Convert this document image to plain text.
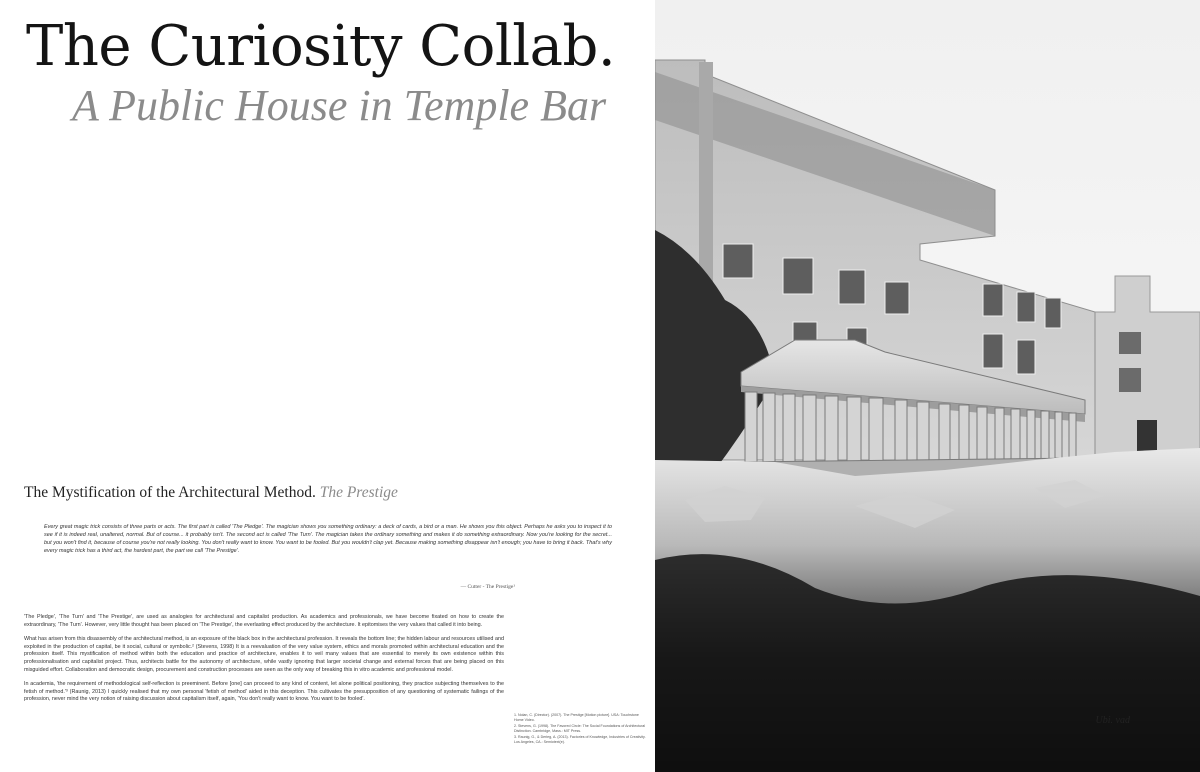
The Curiosity Collab.
A Public House in Temple Bar
The Mystification of the Architectural Method. The Prestige

Every great magic trick consists of three parts or acts. The first part is called 'The Pledge'. The magician shows you something ordinary: a deck of cards, a bird or a man. He shows you this object. Perhaps he asks you to inspect it to see if it is indeed real, unaltered, normal. But of course... it probably isn't. The second act is called 'The Turn'. The magician takes the ordinary something and makes it do something extraordinary. Now you're looking for the secret... but you won't find it, because of course you're not really looking. You don't really want to know. You want to be fooled. But you wouldn't clap yet. Because making something disappear isn't enough; you have to bring it back. That's why every magic trick has a third act, the hardest part, the part we call 'The Prestige'.

— Cutter - The Prestige¹

'The Pledge', 'The Turn' and 'The Prestige', are used as analogies for architectural and capitalist production. As academics and professionals, we have become fixated on how to create the extraordinary, 'The Turn'. However, very little thought has been placed on 'The Prestige', the everlasting effect produced by the architecture. It epitomises the very values that called it into being.

What has arisen from this disassembly of the architectural method, is an exposure of the black box in the architectural profession. It reveals the bottom line; the hidden labour and resources utilised and exploited in the production of capital, be it social, cultural or symbolic.² (Stevens, 1998) It is a reevaluation of the very value system, ethics and morals promoted within architectural education and the profession itself. This mystification of method within both the education and practice of architecture, enables it to veil many values that are essential to merely its own existence within this professionalisation and capitalist project. Thus, architects battle for the autonomy of architecture, while vastly ignoring that larger societal change and external forces that are being placed on this misguided effort. Collaboration and democratic design, procurement and construction processes are seen as the only way of breaking this in vitro academic and professional model.

In academia, 'the requirement of methodological self-reflection is preeminent. Before [one] can proceed to any kind of content, let alone political positioning, they practice subjecting themselves to the fetish of method.'³ (Raunig, 2013) I quickly realised that my own personal 'fetish of method' aided in this deception. This cultivates the presupposition of any questioning of systematic failings of the profession, never mind the very notion of raising discussion about capitalism itself, again, 'You don't really want to know. You want to be fooled'.

1. Nolan, C. (Director). (2007). The Prestige [Motion picture]. USA: Touchstone Home Video.
2. Stevens, G. (1998). The Favored Circle: The Social Foundations of Architectural Distinction. Cambridge, Mass.: MIT Press.
3. Raunig, G., & Derieg, A. (2013). Factories of Knowledge, Industries of Creativity. Los Angeles, CA.: Semiotext(e).

Ubi. vad
